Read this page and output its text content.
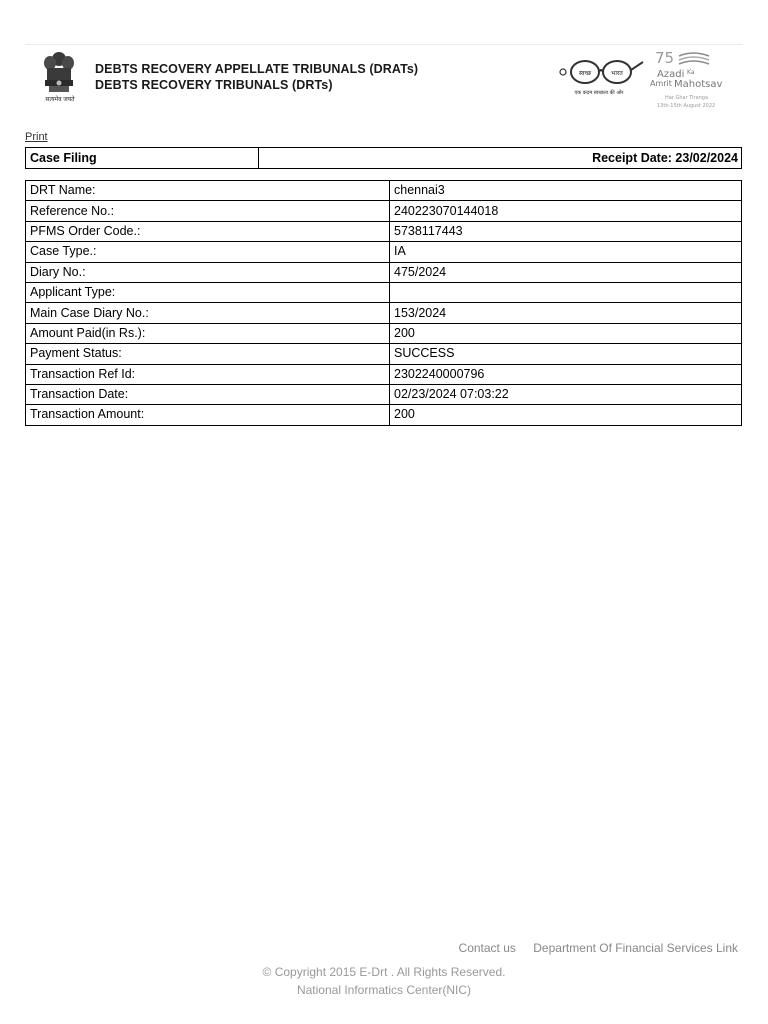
सत्यमेव जयते
DEBTS RECOVERY APPELLATE TRIBUNALS (DRATs)
DEBTS RECOVERY TRIBUNALS (DRTs)
स्वच्छ	भारत
एक कदम स्वच्छता की ओर
75
Azadi Ka
Amrit Mahotsav
Har Ghar Tiranga
13th-15th August 2022
Print
Case Filing	Receipt Date: 23/02/2024
DRT Name:	chennai3
Reference No.:	240223070144018
PFMS Order Code.:	5738117443
Case Type.:	IA
Diary No.:	475/2024
Applicant Type:	
Main Case Diary No.:	153/2024
Amount Paid(in Rs.):	200
Payment Status:	SUCCESS
Transaction Ref Id:	2302240000796
Transaction Date:	02/23/2024 07:03:22
Transaction Amount:	200
Contact us Department Of Financial Services Link
© Copyright 2015 E-Drt . All Rights Reserved.
National Informatics Center(NIC)
